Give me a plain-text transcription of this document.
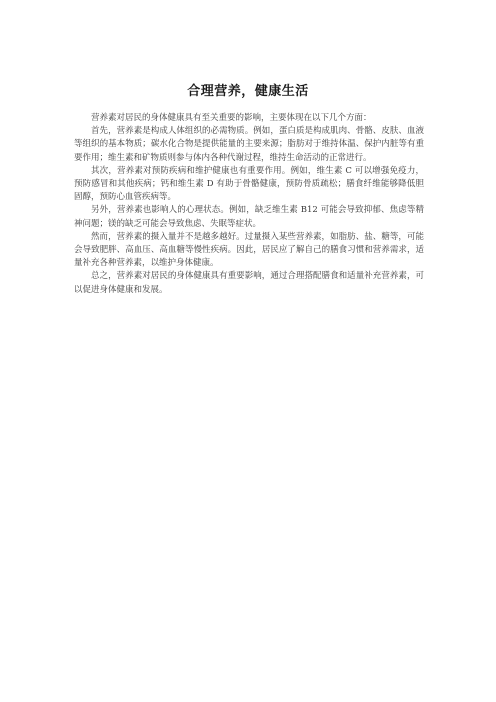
合理营养，健康生活

营养素对居民的身体健康具有至关重要的影响，主要体现在以下几个方面：

首先，营养素是构成人体组织的必需物质。例如，蛋白质是构成肌肉、骨骼、皮肤、血液等组织的基本物质；碳水化合物是提供能量的主要来源；脂肪对于维持体温、保护内脏等有重要作用；维生素和矿物质则参与体内各种代谢过程，维持生命活动的正常进行。

其次，营养素对预防疾病和维护健康也有重要作用。例如，维生素 C 可以增强免疫力，预防感冒和其他疾病；钙和维生素 D 有助于骨骼健康，预防骨质疏松；膳食纤维能够降低胆固醇，预防心血管疾病等。

另外，营养素也影响人的心理状态。例如，缺乏维生素 B12 可能会导致抑郁、焦虑等精神问题；镁的缺乏可能会导致焦虑、失眠等症状。

然而，营养素的摄入量并不是越多越好。过量摄入某些营养素，如脂肪、盐、糖等，可能会导致肥胖、高血压、高血糖等慢性疾病。因此，居民应了解自己的膳食习惯和营养需求，适量补充各种营养素，以维护身体健康。

总之，营养素对居民的身体健康具有重要影响，通过合理搭配膳食和适量补充营养素，可以促进身体健康和发展。
